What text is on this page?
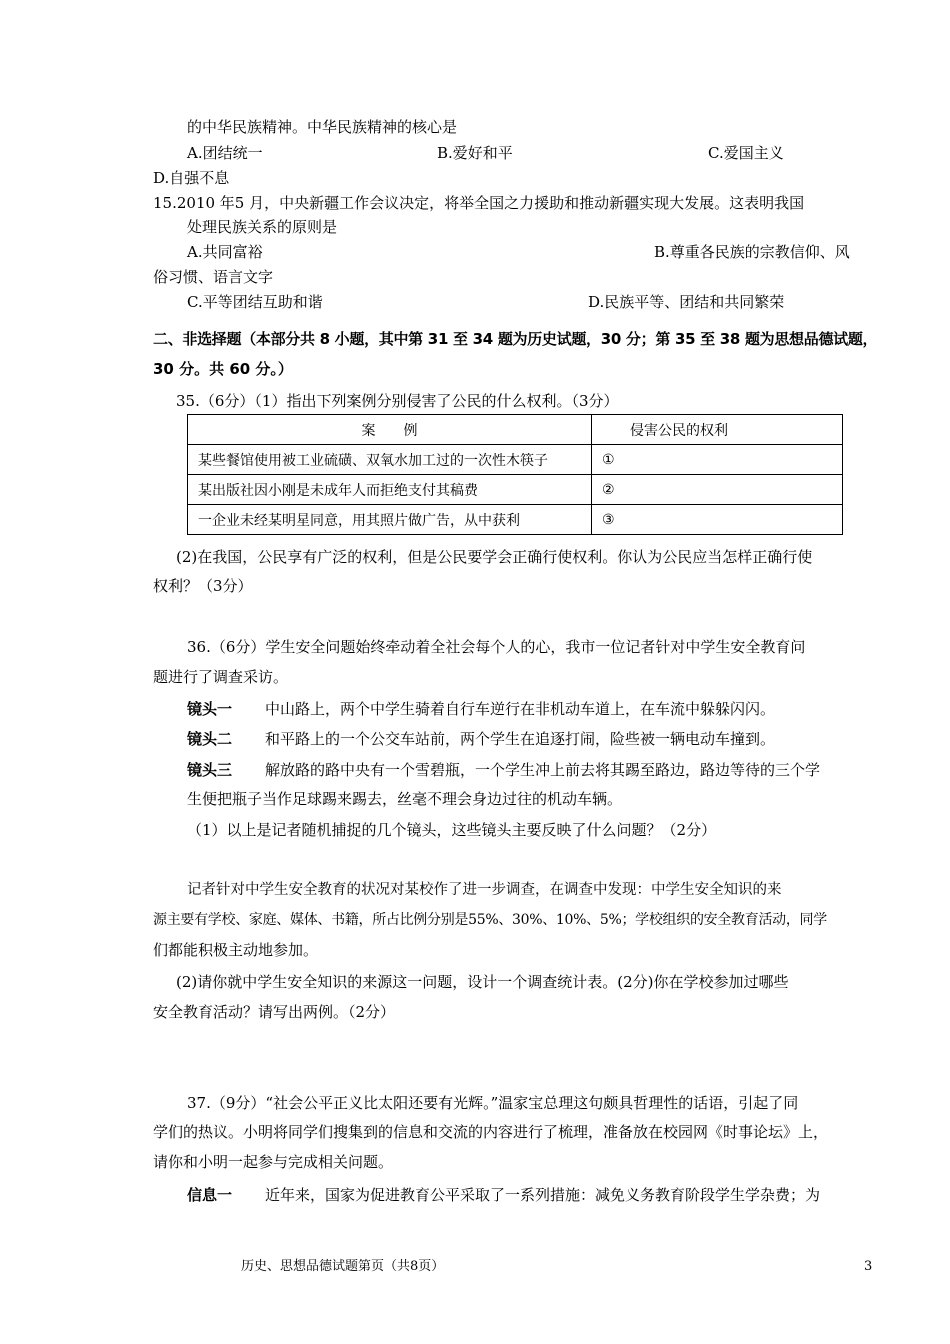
的中华民族精神。中华民族精神的核心是
A.团结统一	B.爱好和平	C.爱国主义
D.自强不息
15.2010 年5 月，中央新疆工作会议决定，将举全国之力援助和推动新疆实现大发展。这表明我国
处理民族关系的原则是
A.共同富裕	B.尊重各民族的宗教信仰、风
俗习惯、语言文字
C.平等团结互助和谐	D.民族平等、团结和共同繁荣
二、非选择题（本部分共 8 小题，其中第 31 至 34 题为历史试题，30 分；第 35 至 38 题为思想品德试题，
30 分。共 60 分。）
35.（6分）（1）指出下列案例分别侵害了公民的什么权利。（3分）
案　　例	侵害公民的权利
某些餐馆使用被工业硫磺、双氧水加工过的一次性木筷子	①
某出版社因小刚是未成年人而拒绝支付其稿费	②
一企业未经某明星同意，用其照片做广告，从中获利	③
(2)在我国，公民享有广泛的权利，但是公民要学会正确行使权利。你认为公民应当怎样正确行使
权利？（3分）
36.（6分）学生安全问题始终牵动着全社会每个人的心，我市一位记者针对中学生安全教育问
题进行了调查采访。
镜头一 中山路上，两个中学生骑着自行车逆行在非机动车道上，在车流中躲躲闪闪。
镜头二 和平路上的一个公交车站前，两个学生在追逐打闹，险些被一辆电动车撞到。
镜头三 解放路的路中央有一个雪碧瓶，一个学生冲上前去将其踢至路边，路边等待的三个学
生便把瓶子当作足球踢来踢去，丝毫不理会身边过往的机动车辆。
（1）以上是记者随机捕捉的几个镜头，这些镜头主要反映了什么问题？（2分）
记者针对中学生安全教育的状况对某校作了进一步调查，在调查中发现：中学生安全知识的来
源主要有学校、家庭、媒体、书籍，所占比例分别是55%、30%、10%、5%；学校组织的安全教育活动，同学
们都能积极主动地参加。
(2)请你就中学生安全知识的来源这一问题，设计一个调查统计表。(2分)你在学校参加过哪些
安全教育活动？请写出两例。（2分）
37.（9分）“社会公平正义比太阳还要有光辉。”温家宝总理这句颇具哲理性的话语，引起了同
学们的热议。小明将同学们搜集到的信息和交流的内容进行了梳理，准备放在校园网《时事论坛》上，
请你和小明一起参与完成相关问题。
信息一 近年来，国家为促进教育公平采取了一系列措施：减免义务教育阶段学生学杂费；为
历史、思想品德试题第页（共8页）	3
